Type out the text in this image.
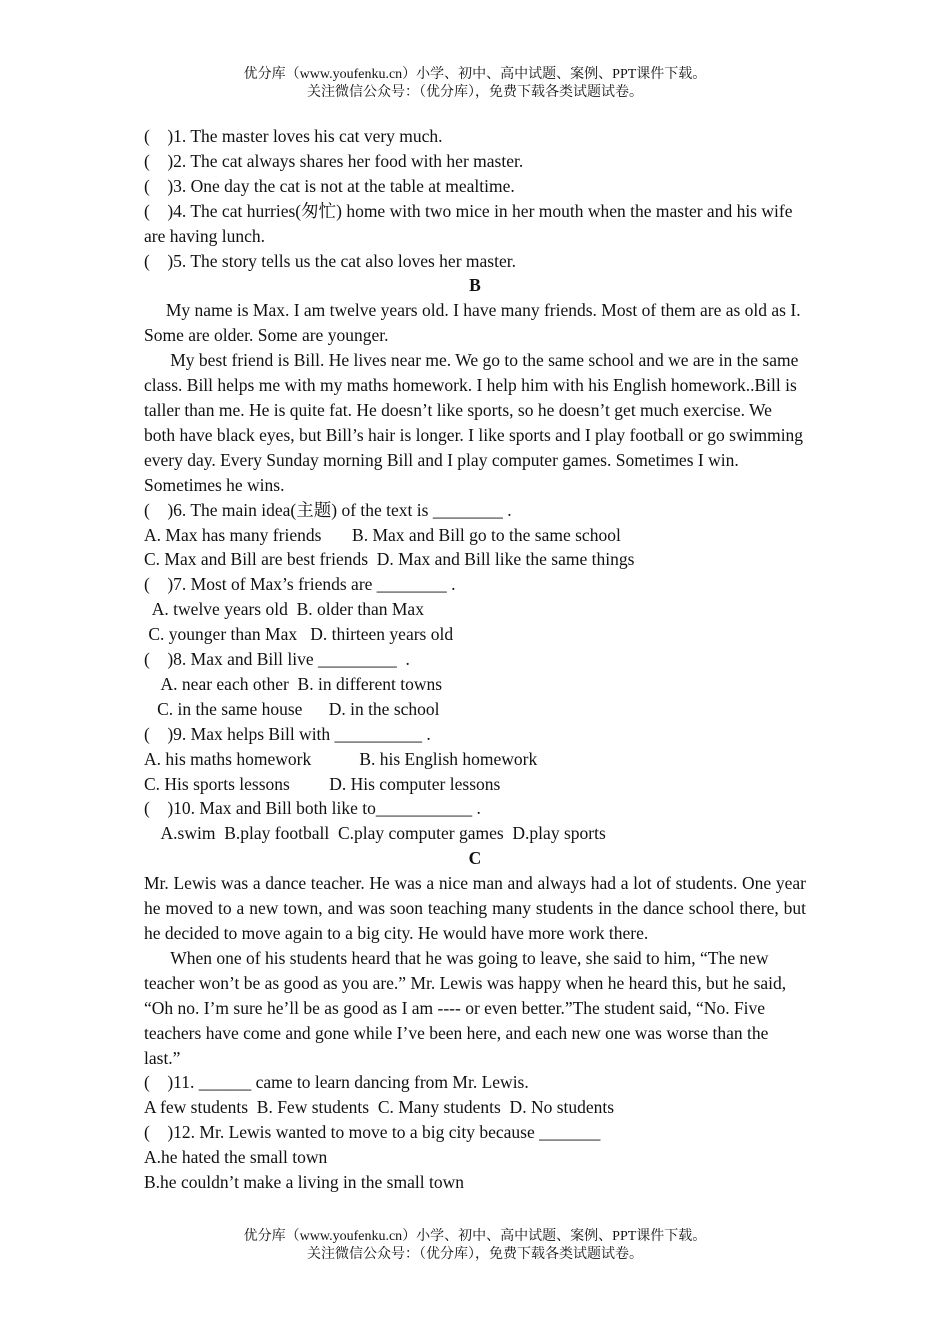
优分库（www.youfenku.cn）小学、初中、高中试题、案例、PPT课件下载。
关注微信公众号：（优分库），免费下载各类试题试卷。
(    )1. The master loves his cat very much.
(    )2. The cat always shares her food with her master.
(    )3. One day the cat is not at the table at mealtime.
(    )4. The cat hurries(匆忙) home with two mice in her mouth when the master and his wife are having lunch.
(    )5. The story tells us the cat also loves her master.
B
My name is Max. I am twelve years old. I have many friends. Most of them are as old as I. Some are older. Some are younger.
My best friend is Bill. He lives near me. We go to the same school and we are in the same class. Bill helps me with my maths homework. I help him with his English homework..Bill is taller than me. He is quite fat. He doesn’t like sports, so he doesn’t get much exercise. We both have black eyes, but Bill’s hair is longer. I like sports and I play football or go swimming every day. Every Sunday morning Bill and I play computer games. Sometimes I win. Sometimes he wins.
(    )6. The main idea(主题) of the text is ________ .
A. Max has many friends       B. Max and Bill go to the same school
C. Max and Bill are best friends  D. Max and Bill like the same things
(    )7. Most of Max’s friends are ________ .
A. twelve years old  B. older than Max
C. younger than Max   D. thirteen years old
(    )8. Max and Bill live _________  .
A. near each other  B. in different towns
C. in the same house      D. in the school
(    )9. Max helps Bill with __________ .
A. his maths homework           B. his English homework
C. His sports lessons         D. His computer lessons
(    )10. Max and Bill both like to___________ .
A.swim  B.play football  C.play computer games  D.play sports
C
Mr. Lewis was a dance teacher. He was a nice man and always had a lot of students. One year he moved to a new town, and was soon teaching many students in the dance school there, but he decided to move again to a big city. He would have more work there.
When one of his students heard that he was going to leave, she said to him, “The new teacher won’t be as good as you are.” Mr. Lewis was happy when he heard this, but he said, “Oh no. I’m sure he’ll be as good as I am ---- or even better.”The student said, “No. Five teachers have come and gone while I’ve been here, and each new one was worse than the last.”
(    )11. ______ came to learn dancing from Mr. Lewis.
A few students  B. Few students  C. Many students  D. No students
(    )12. Mr. Lewis wanted to move to a big city because _______
A.he hated the small town
B.he couldn’t make a living in the small town
优分库（www.youfenku.cn）小学、初中、高中试题、案例、PPT课件下载。
关注微信公众号：（优分库），免费下载各类试题试卷。
